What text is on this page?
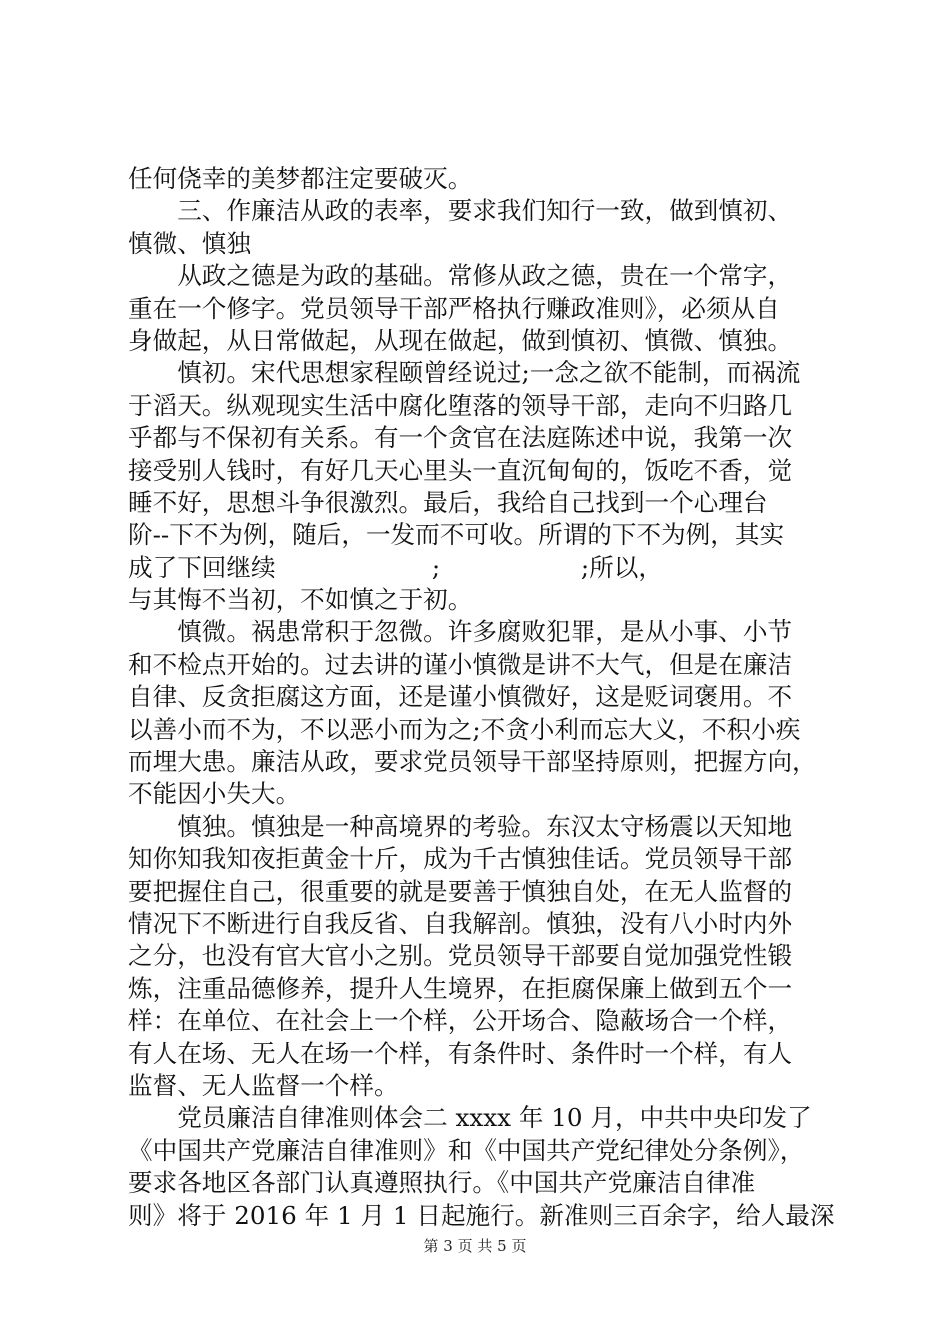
任何侥幸的美梦都注定要破灭。
　　三、作廉洁从政的表率，要求我们知行一致，做到慎初、
慎微、慎独
　　从政之德是为政的基础。常修从政之德，贵在一个常字，
重在一个修字。党员领导干部严格执行赚政准则》，必须从自
身做起，从日常做起，从现在做起，做到慎初、慎微、慎独。
　　慎初。宋代思想家程颐曾经说过;一念之欲不能制，而祸流
于滔天。纵观现实生活中腐化堕落的领导干部，走向不归路几
乎都与不保初有关系。有一个贪官在法庭陈述中说，我第一次
接受别人钱时，有好几天心里头一直沉甸甸的，饭吃不香，觉
睡不好，思想斗争很激烈。最后，我给自己找到一个心理台
阶--下不为例，随后，一发而不可收。所谓的下不为例，其实
成了下回继续                    ;                  ;所以，
与其悔不当初，不如慎之于初。
　　慎微。祸患常积于忽微。许多腐败犯罪，是从小事、小节
和不检点开始的。过去讲的谨小慎微是讲不大气，但是在廉洁
自律、反贪拒腐这方面，还是谨小慎微好，这是贬词褒用。不
以善小而不为，不以恶小而为之;不贪小利而忘大义，不积小疾
而埋大患。廉洁从政，要求党员领导干部坚持原则，把握方向，
不能因小失大。
　　慎独。慎独是一种高境界的考验。东汉太守杨震以天知地
知你知我知夜拒黄金十斤，成为千古慎独佳话。党员领导干部
要把握住自己，很重要的就是要善于慎独自处，在无人监督的
情况下不断进行自我反省、自我解剖。慎独，没有八小时内外
之分，也没有官大官小之别。党员领导干部要自觉加强党性锻
炼，注重品德修养，提升人生境界，在拒腐保廉上做到五个一
样：在单位、在社会上一个样，公开场合、隐蔽场合一个样，
有人在场、无人在场一个样，有条件时、条件时一个样，有人
监督、无人监督一个样。
　　党员廉洁自律准则体会二 xxxx 年 10 月，中共中央印发了
《中国共产党廉洁自律准则》和《中国共产党纪律处分条例》，
要求各地区各部门认真遵照执行。《中国共产党廉洁自律准
则》将于 2016 年 1 月 1 日起施行。新准则三百余字，给人最深
第 3 页 共 5 页
